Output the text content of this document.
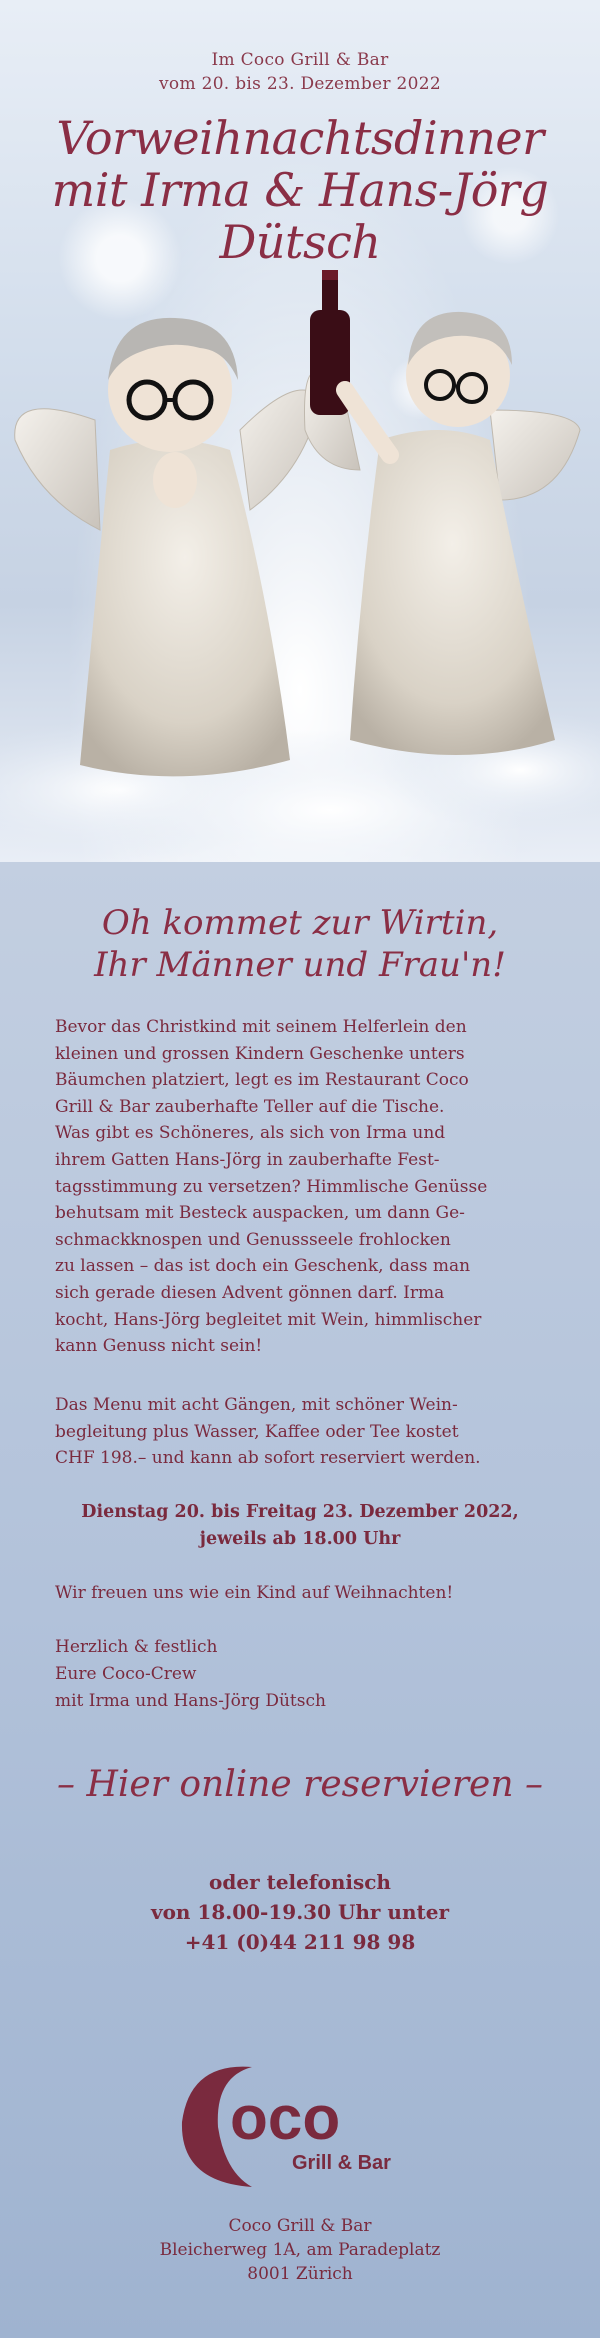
Im Coco Grill & Bar
vom 20. bis 23. Dezember 2022
Vorweihnachtsdinner
mit Irma & Hans-Jörg
Dütsch
Oh kommet zur Wirtin,
Ihr Männer und Frau'n!
Bevor das Christkind mit seinem Helferlein den
kleinen und grossen Kindern Geschenke unters
Bäumchen platziert, legt es im Restaurant Coco
Grill & Bar zauberhafte Teller auf die Tische.
Was gibt es Schöneres, als sich von Irma und
ihrem Gatten Hans-Jörg in zauberhafte Fest-
tagsstimmung zu versetzen? Himmlische Genüsse
behutsam mit Besteck auspacken, um dann Ge-
schmackknospen und Genussseele frohlocken
zu lassen – das ist doch ein Geschenk, dass man
sich gerade diesen Advent gönnen darf. Irma
kocht, Hans-Jörg begleitet mit Wein, himmlischer
kann Genuss nicht sein!
Das Menu mit acht Gängen, mit schöner Wein-
begleitung plus Wasser, Kaffee oder Tee kostet
CHF 198.– und kann ab sofort reserviert werden.
Dienstag 20. bis Freitag 23. Dezember 2022,
jeweils ab 18.00 Uhr
Wir freuen uns wie ein Kind auf Weihnachten!
Herzlich & festlich
Eure Coco-Crew
mit Irma und Hans-Jörg Dütsch
– Hier online reservieren –
oder telefonisch
von 18.00-19.30 Uhr unter
+41 (0)44 211 98 98
oco
Grill & Bar
Coco Grill & Bar
Bleicherweg 1A, am Paradeplatz
8001 Zürich
